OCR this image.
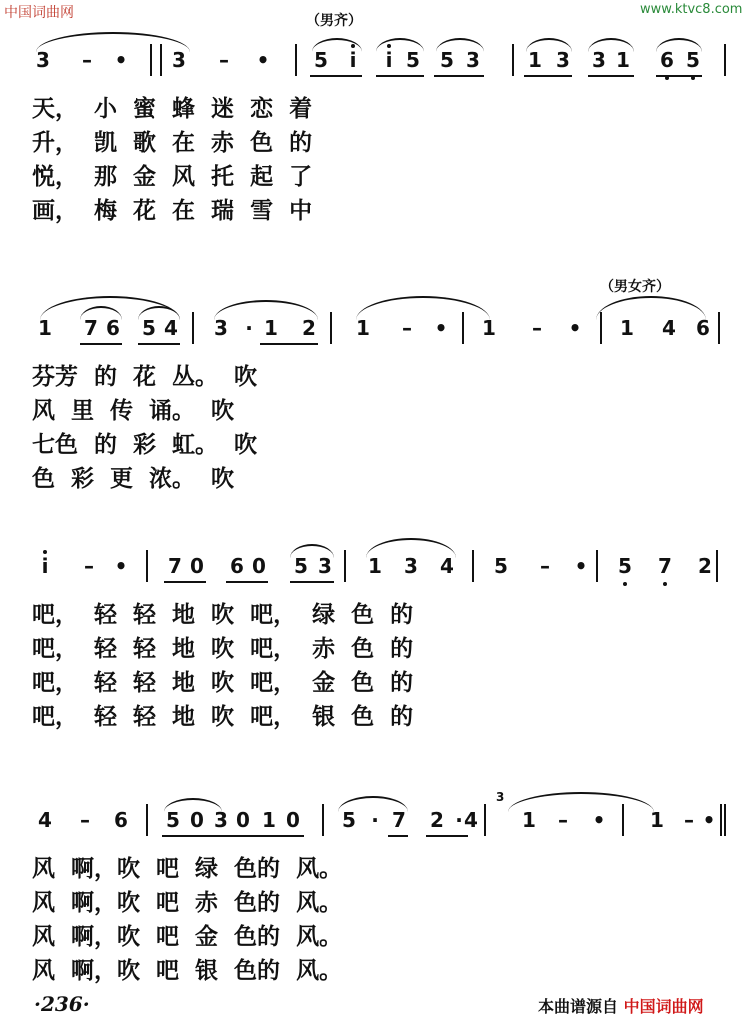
中国词曲网	www.ktvc8.com
3 – • 3 – • 5 i i 5 5 3 1 3 3 1 6 5
天，  小  蜜  蜂  迷  恋  着
升，  凯  歌  在  赤  色  的
悦，  那  金  风  托  起  了
画，  梅  花  在  瑞  雪  中
1 7 6 5 4 3 · 1 2 1 – • 1 – • 1 4 6
芬芳  的  花  丛。  吹
风  里  传  诵。  吹
七色  的  彩  虹。  吹
色  彩  更  浓。  吹
i – • 7 0 6 0 5 3 1 3 4 5 – • 5 7 2
吧，  轻  轻  地  吹  吧，  绿  色  的
吧，  轻  轻  地  吹  吧，  赤  色  的
吧，  轻  轻  地  吹  吧，  金  色  的
吧，  轻  轻  地  吹  吧，  银  色  的
4 – 6 5 0 3 0 1 0 5 · 7 2 · 4 1 – • 1 – •
风  啊，吹  吧  绿  色的  风。
风  啊，吹  吧  赤  色的  风。
风  啊，吹  吧  金  色的  风。
风  啊，吹  吧  银  色的  风。
（男齐）
（男女齐）
3
·236·	本曲谱源自 中国词曲网
